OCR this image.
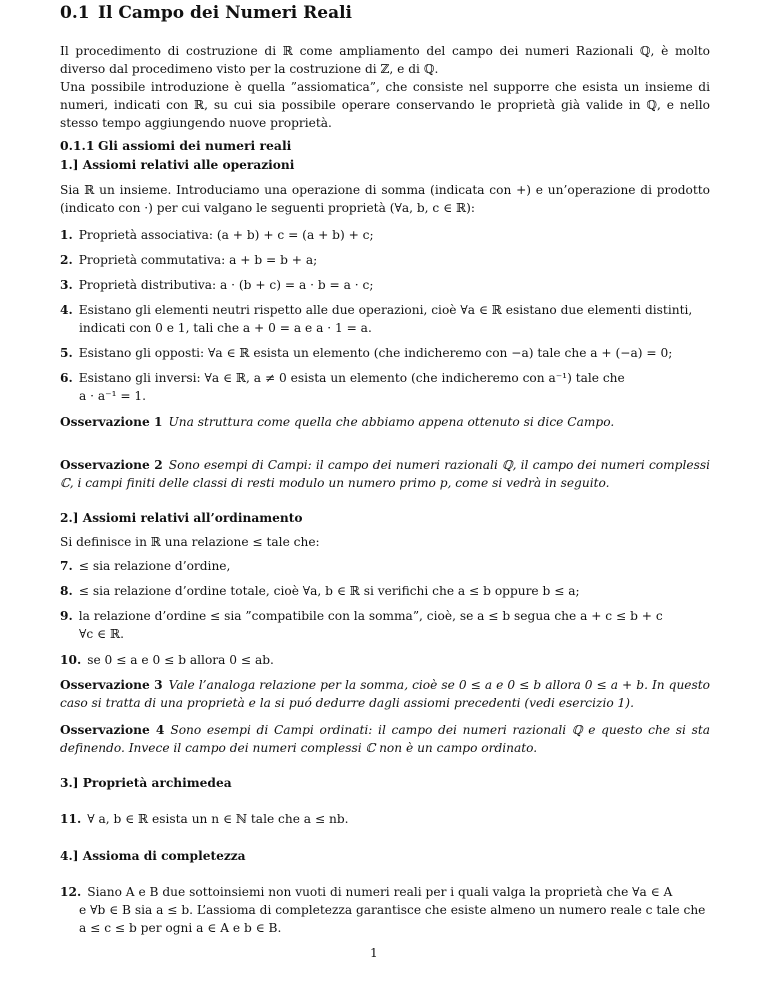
0.1 Il Campo dei Numeri Reali

Il procedimento di costruzione di ℝ come ampliamento del campo dei numeri Razionali ℚ, è molto diverso dal procedimeno visto per la costruzione di ℤ, e di ℚ.

Una possibile introduzione è quella ”assiomatica”, che consiste nel supporre che esista un insieme di numeri, indicati con ℝ, su cui sia possibile operare conservando le proprietà già valide in ℚ, e nello stesso tempo aggiungendo nuove proprietà.

0.1.1 Gli assiomi dei numeri reali
1.] Assiomi relativi alle operazioni

Sia ℝ un insieme. Introduciamo una operazione di somma (indicata con +) e un’operazione di prodotto (indicato con ·) per cui valgano le seguenti proprietà (∀a, b, c ∈ ℝ):

1. Proprietà associativa: (a + b) + c = (a + b) + c;
2. Proprietà commutativa: a + b = b + a;
3. Proprietà distributiva: a · (b + c) = a · b = a · c;
4. Esistano gli elementi neutri rispetto alle due operazioni, cioè ∀a ∈ ℝ esistano due elementi distinti,
indicati con 0 e 1, tali che a + 0 = a e a · 1 = a.
5. Esistano gli opposti: ∀a ∈ ℝ esista un elemento (che indicheremo con −a) tale che a + (−a) = 0;
6. Esistano gli inversi: ∀a ∈ ℝ, a ≠ 0 esista un elemento (che indicheremo con a⁻¹) tale che
a · a⁻¹ = 1.
Osservazione 1 Una struttura come quella che abbiamo appena ottenuto si dice Campo.
Osservazione 2 Sono esempi di Campi: il campo dei numeri razionali ℚ, il campo dei numeri complessi ℂ, i campi finiti delle classi di resti modulo un numero primo p, come si vedrà in seguito.
2.] Assiomi relativi all’ordinamento

Si definisce in ℝ una relazione ≤ tale che:

7. ≤ sia relazione d’ordine,
8. ≤ sia relazione d’ordine totale, cioè ∀a, b ∈ ℝ si verifichi che a ≤ b oppure b ≤ a;
9. la relazione d’ordine ≤ sia ”compatibile con la somma”, cioè, se a ≤ b segua che a + c ≤ b + c
∀c ∈ ℝ.
10. se 0 ≤ a e 0 ≤ b allora 0 ≤ ab.
Osservazione 3 Vale l’analoga relazione per la somma, cioè se 0 ≤ a e 0 ≤ b allora 0 ≤ a + b. In questo caso si tratta di una proprietà e la si puó dedurre dagli assiomi precedenti (vedi esercizio 1).
Osservazione 4 Sono esempi di Campi ordinati: il campo dei numeri razionali ℚ e questo che si sta definendo. Invece il campo dei numeri complessi ℂ non è un campo ordinato.
3.] Proprietà archimedea
11. ∀ a, b ∈ ℝ esista un n ∈ ℕ tale che a ≤ nb.
4.] Assioma di completezza
12. Siano A e B due sottoinsiemi non vuoti di numeri reali per i quali valga la proprietà che ∀a ∈ A
e ∀b ∈ B sia a ≤ b. L’assioma di completezza garantisce che esiste almeno un numero reale c tale che a ≤ c ≤ b per ogni a ∈ A e b ∈ B.
1
